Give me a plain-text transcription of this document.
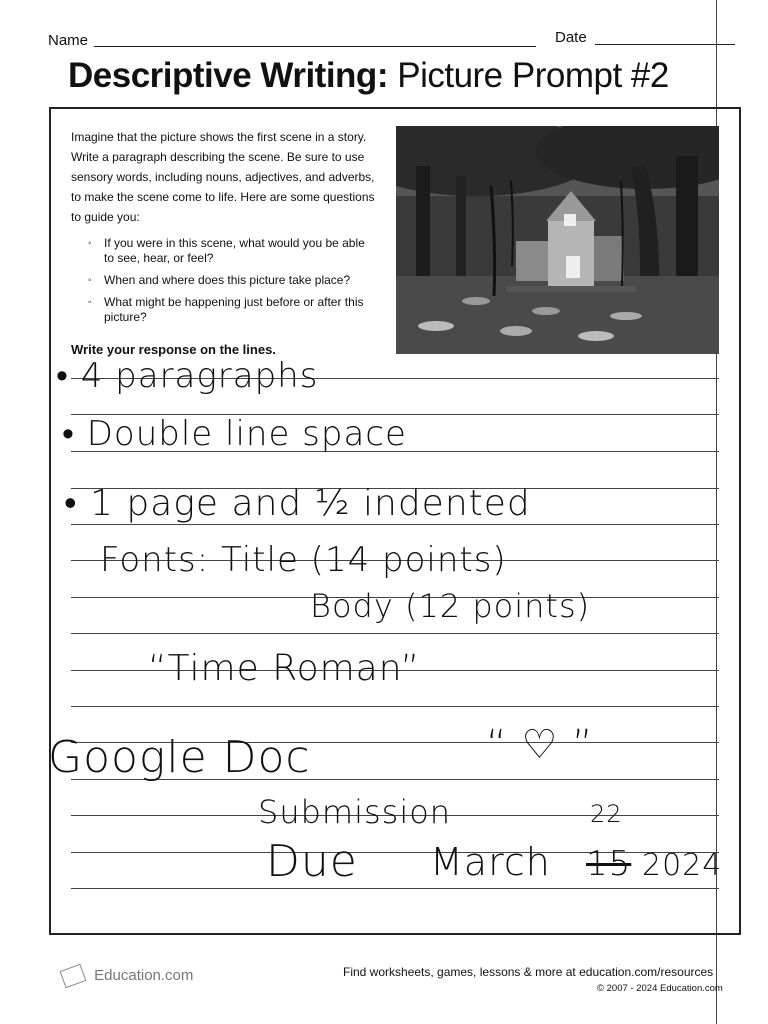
Name	Date
Descriptive Writing: Picture Prompt #2
Imagine that the picture shows the first scene in a story. Write a paragraph describing the scene. Be sure to use sensory words, including nouns, adjectives, and adverbs, to make the scene come to life. Here are some questions to guide you:
◦ If you were in this scene, what would you be able to see, hear, or feel?
◦ When and where does this picture take place?
◦ What might be happening just before or after this picture?
Write your response on the lines.
• 4 paragraphs
• Double line space
• 1 page and ½ indented
Fonts: Title (14 points)
Body (12 points)
“Time Roman”
Google Doc	“ ♡ ”
Submission
Due March 15
22
2024
Education.com	Find worksheets, games, lessons & more at education.com/resources
© 2007 - 2024 Education.com
